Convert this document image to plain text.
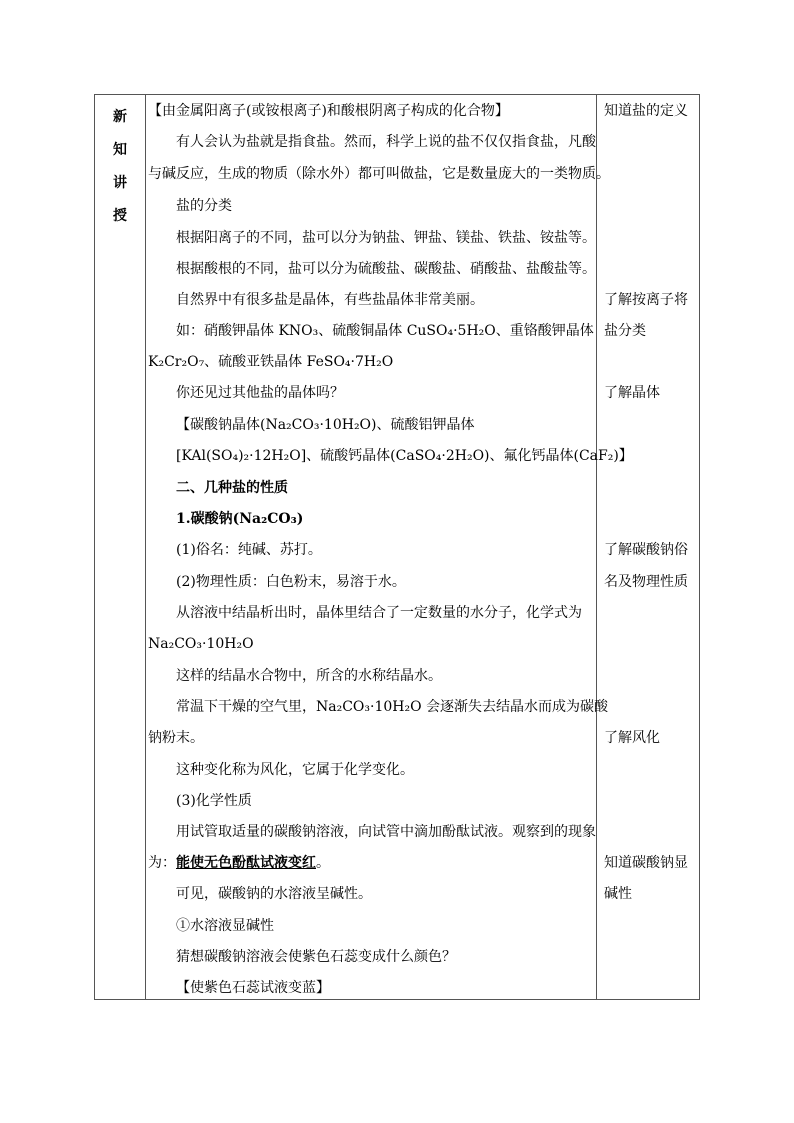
新
知
讲
授
【由金属阳离子(或铵根离子)和酸根阴离子构成的化合物】
有人会认为盐就是指食盐。然而，科学上说的盐不仅仅指食盐，凡酸
与碱反应，生成的物质（除水外）都可叫做盐，它是数量庞大的一类物质。
盐的分类
根据阳离子的不同，盐可以分为钠盐、钾盐、镁盐、铁盐、铵盐等。
根据酸根的不同，盐可以分为硫酸盐、碳酸盐、硝酸盐、盐酸盐等。
自然界中有很多盐是晶体，有些盐晶体非常美丽。
如：硝酸钾晶体 KNO₃、硫酸铜晶体 CuSO₄·5H₂O、重铬酸钾晶体
K₂Cr₂O₇、硫酸亚铁晶体 FeSO₄·7H₂O
你还见过其他盐的晶体吗？
【碳酸钠晶体(Na₂CO₃·10H₂O)、硫酸铝钾晶体
[KAl(SO₄)₂·12H₂O]、硫酸钙晶体(CaSO₄·2H₂O)、氟化钙晶体(CaF₂)】
二、几种盐的性质
1.碳酸钠(Na₂CO₃)
(1)俗名：纯碱、苏打。
(2)物理性质：白色粉末，易溶于水。
从溶液中结晶析出时，晶体里结合了一定数量的水分子，化学式为
Na₂CO₃·10H₂O
这样的结晶水合物中，所含的水称结晶水。
常温下干燥的空气里，Na₂CO₃·10H₂O 会逐渐失去结晶水而成为碳酸
钠粉末。
这种变化称为风化，它属于化学变化。
(3)化学性质
用试管取适量的碳酸钠溶液，向试管中滴加酚酞试液。观察到的现象
为：能使无色酚酞试液变红。
可见，碳酸钠的水溶液呈碱性。
①水溶液显碱性
猜想碳酸钠溶液会使紫色石蕊变成什么颜色？
【使紫色石蕊试液变蓝】
知道盐的定义
了解按离子将
盐分类
了解晶体
了解碳酸钠俗
名及物理性质
了解风化
知道碳酸钠显
碱性
